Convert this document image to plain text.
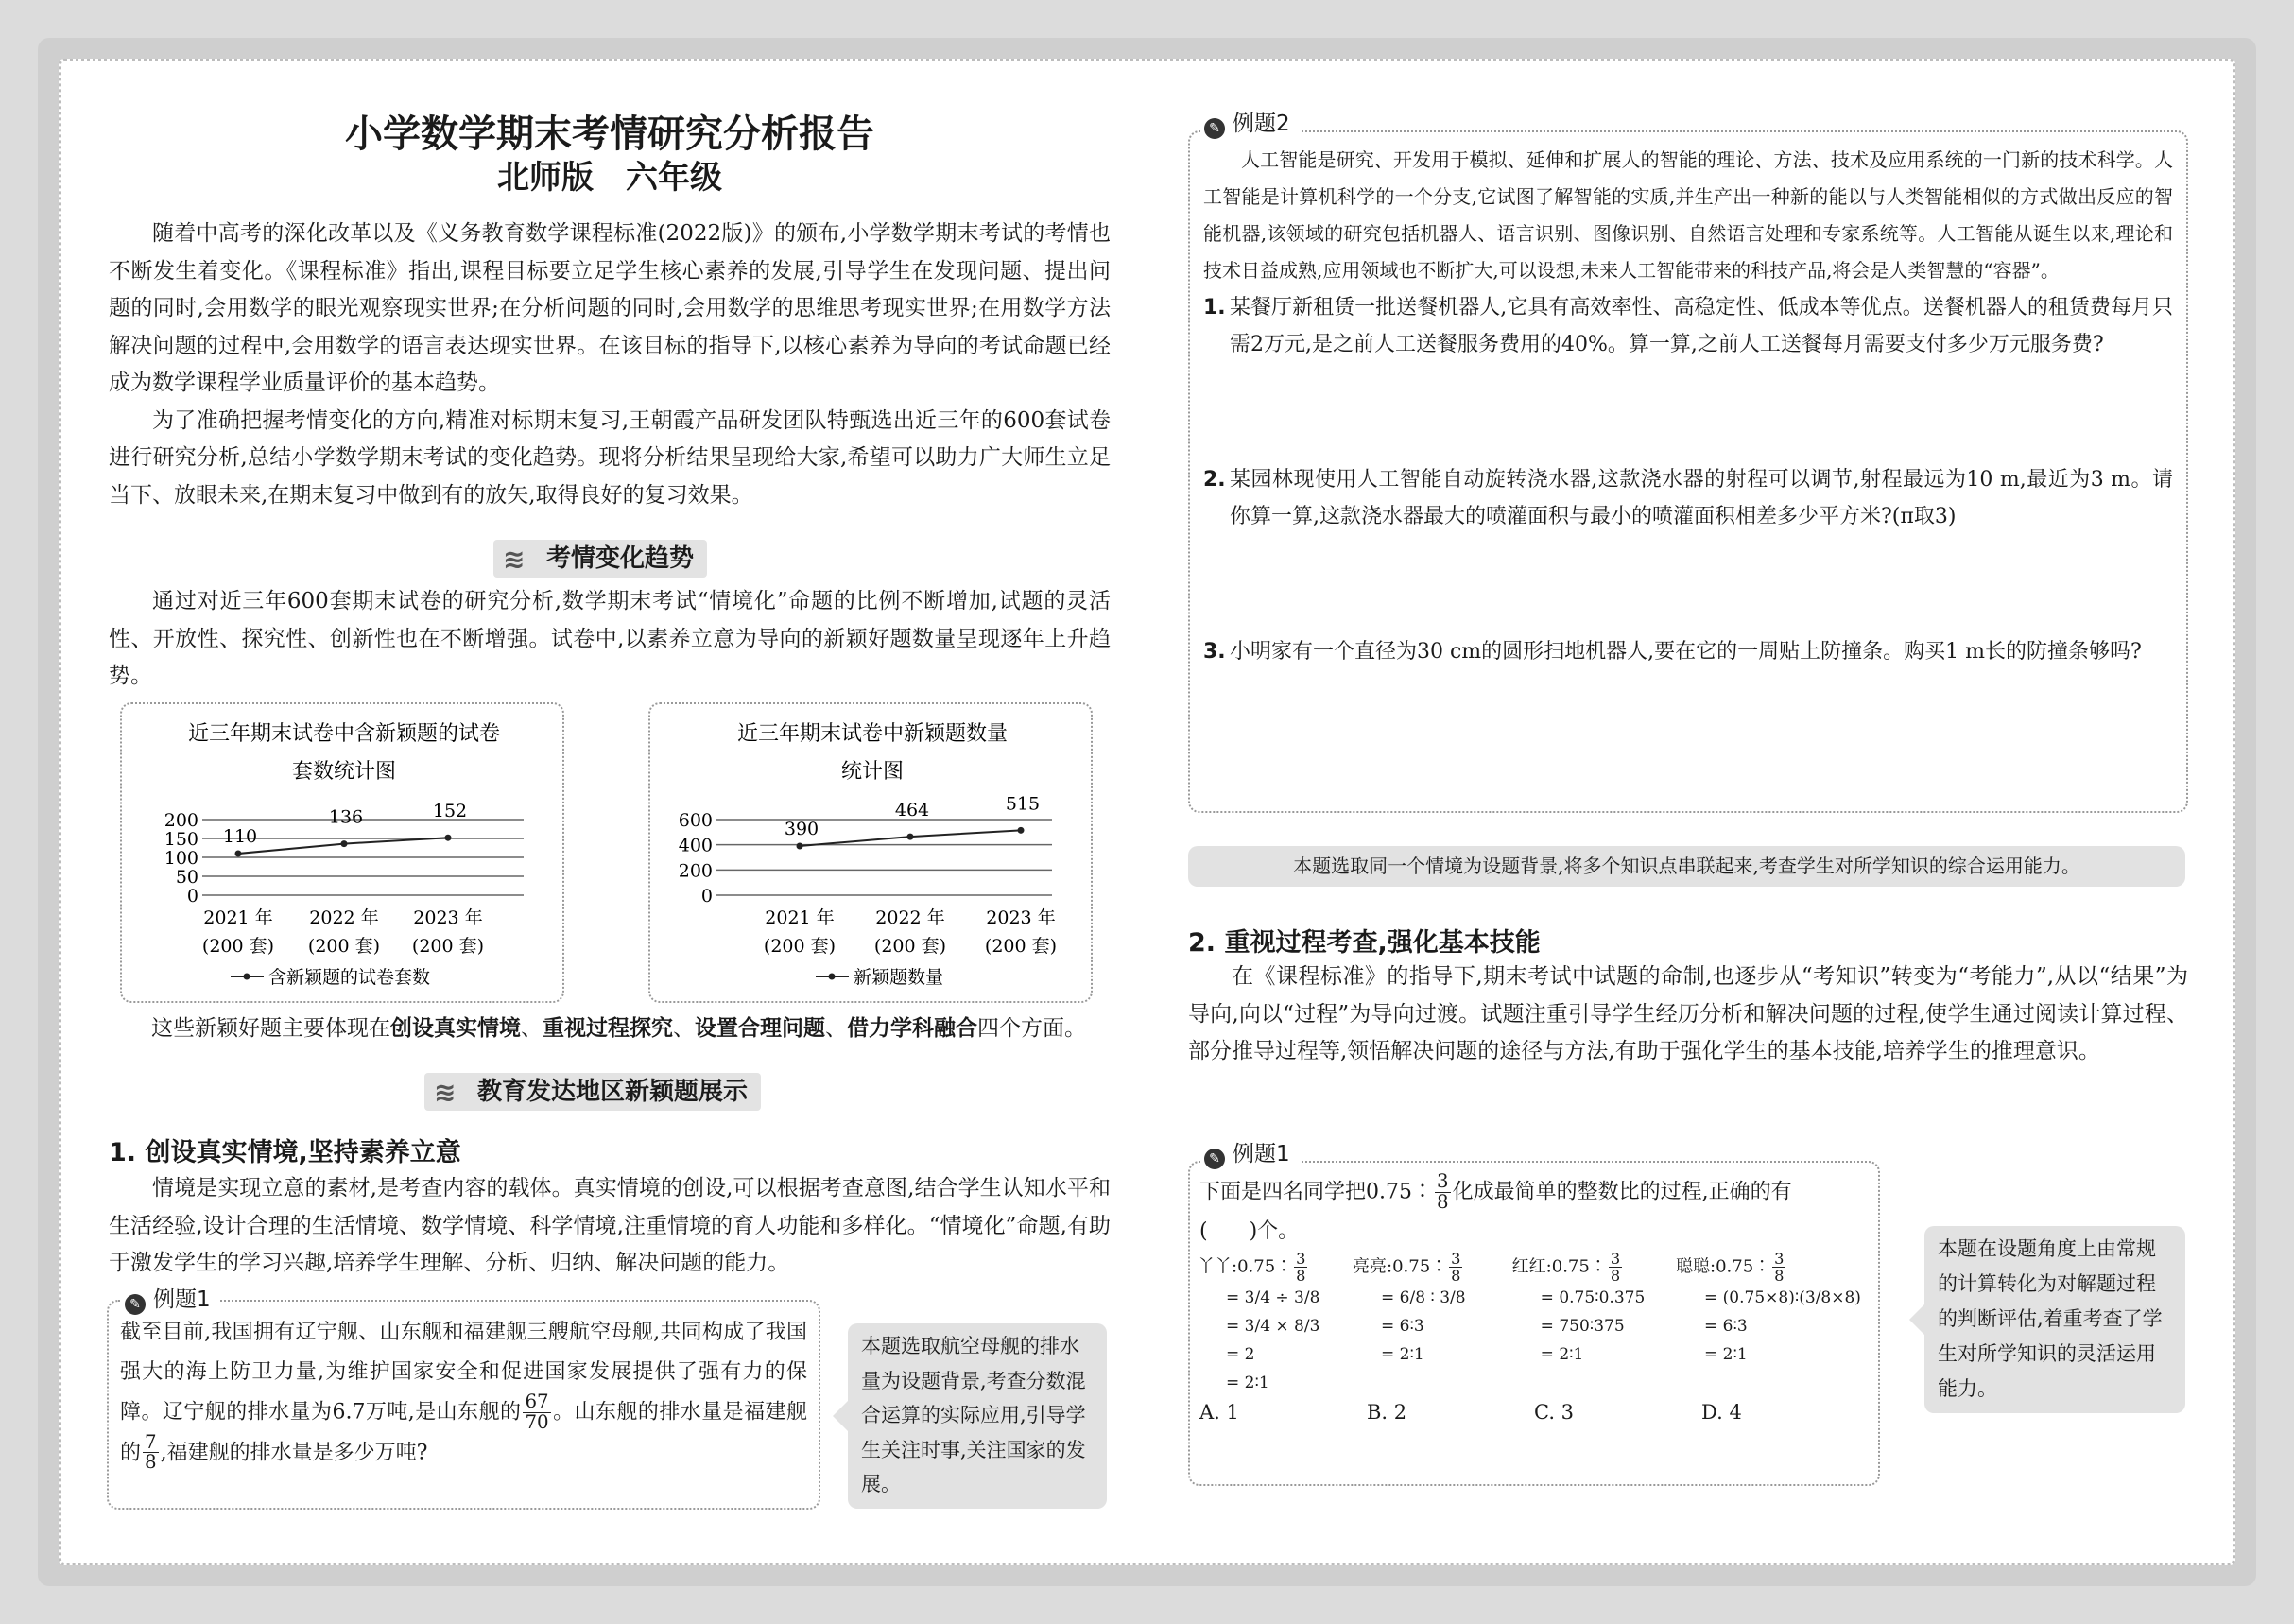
小学数学期末考情研究分析报告
北师版　六年级

随着中高考的深化改革以及《义务教育数学课程标准(2022版)》的颁布,小学数学期末考试的考情也不断发生着变化。《课程标准》指出,课程目标要立足学生核心素养的发展,引导学生在发现问题、提出问题的同时,会用数学的眼光观察现实世界;在分析问题的同时,会用数学的思维思考现实世界;在用数学方法解决问题的过程中,会用数学的语言表达现实世界。在该目标的指导下,以核心素养为导向的考试命题已经成为数学课程学业质量评价的基本趋势。

为了准确把握考情变化的方向,精准对标期末复习,王朝霞产品研发团队特甄选出近三年的600套试卷进行研究分析,总结小学数学期末考试的变化趋势。现将分析结果呈现给大家,希望可以助力广大师生立足当下、放眼未来,在期末复习中做到有的放矢,取得良好的复习效果。

≋ 考情变化趋势
通过对近三年600套期末试卷的研究分析,数学期末考试“情境化”命题的比例不断增加,试题的灵活性、开放性、探究性、创新性也在不断增强。试卷中,以素养立意为导向的新颖好题数量呈现逐年上升趋势。
近三年期末试卷中含新颖题的试卷
套数统计图
0
50
100
150
200
110
2021 年
(200 套)
136
2022 年
(200 套)
152
2023 年
(200 套)
含新颖题的试卷套数
近三年期末试卷中新颖题数量
统计图
0
200
400
600	390
2021 年
(200 套)
464
2022 年
(200 套)
515
2023 年
(200 套)
新颖题数量
这些新颖好题主要体现在创设真实情境、重视过程探究、设置合理问题、借力学科融合四个方面。
≋ 教育发达地区新颖题展示
1. 创设真实情境,坚持素养立意
情境是实现立意的素材,是考查内容的载体。真实情境的创设,可以根据考查意图,结合学生认知水平和生活经验,设计合理的生活情境、数学情境、科学情境,注重情境的育人功能和多样化。“情境化”命题,有助于激发学生的学习兴趣,培养学生理解、分析、归纳、解决问题的能力。
截至目前,我国拥有辽宁舰、山东舰和福建舰三艘航空母舰,共同构成了我国强大的海上防卫力量,为维护国家安全和促进国家发展提供了强有力的保障。辽宁舰的排水量为6.7万吨,是山东舰的 $\frac{67}{70}$ 。山东舰的排水量是福建舰的 $\frac{7}{8}$ ,福建舰的排水量是多少万吨?
✎ 例题1
本题选取航空母舰的排水量为设题背景,考查分数混合运算的实际应用,引导学生关注时事,关注国家的发展。
人工智能是研究、开发用于模拟、延伸和扩展人的智能的理论、方法、技术及应用系统的一门新的技术科学。人工智能是计算机科学的一个分支,它试图了解智能的实质,并生产出一种新的能以与人类智能相似的方式做出反应的智能机器,该领域的研究包括机器人、语言识别、图像识别、自然语言处理和专家系统等。人工智能从诞生以来,理论和技术日益成熟,应用领域也不断扩大,可以设想,未来人工智能带来的科技产品,将会是人类智慧的“容器”。
1. 某餐厅新租赁一批送餐机器人,它具有高效率性、高稳定性、低成本等优点。送餐机器人的租赁费每月只需2万元,是之前人工送餐服务费用的40%。算一算,之前人工送餐每月需要支付多少万元服务费?
2. 某园林现使用人工智能自动旋转浇水器,这款浇水器的射程可以调节,射程最远为10 m,最近为3 m。请你算一算,这款浇水器最大的喷灌面积与最小的喷灌面积相差多少平方米?(π取3)
3. 小明家有一个直径为30 cm的圆形扫地机器人,要在它的一周贴上防撞条。购买1 m长的防撞条够吗?
✎ 例题2
本题选取同一个情境为设题背景,将多个知识点串联起来,考查学生对所学知识的综合运用能力。
2. 重视过程考查,强化基本技能
在《课程标准》的指导下,期末考试中试题的命制,也逐步从“考知识”转变为“考能力”,从以“结果”为导向,向以“过程”为导向过渡。试题注重引导学生经历分析和解决问题的过程,使学生通过阅读计算过程、部分推导过程等,领悟解决问题的途径与方法,有助于强化学生的基本技能,培养学生的推理意识。
下面是四名同学把0.75∶ $\frac{3}{8}$ 化成最简单的整数比的过程,正确的有
(　　)个。
丫丫:0.75∶ $\frac{3}{8}$
= 3/4 ÷ 3/8
= 3/4 × 8/3
= 2
= 2∶1
亮亮:0.75∶ $\frac{3}{8}$
= 6/8 ∶ 3/8
= 6∶3
= 2∶1
红红:0.75∶ $\frac{3}{8}$
= 0.75∶0.375
= 750∶375
= 2∶1
聪聪:0.75∶ $\frac{3}{8}$
= (0.75×8)∶(3/8×8)
= 6∶3
= 2∶1
A. 1	B. 2	C. 3	D. 4
✎ 例题1
本题在设题角度上由常规的计算转化为对解题过程的判断评估,着重考查了学生对所学知识的灵活运用能力。
